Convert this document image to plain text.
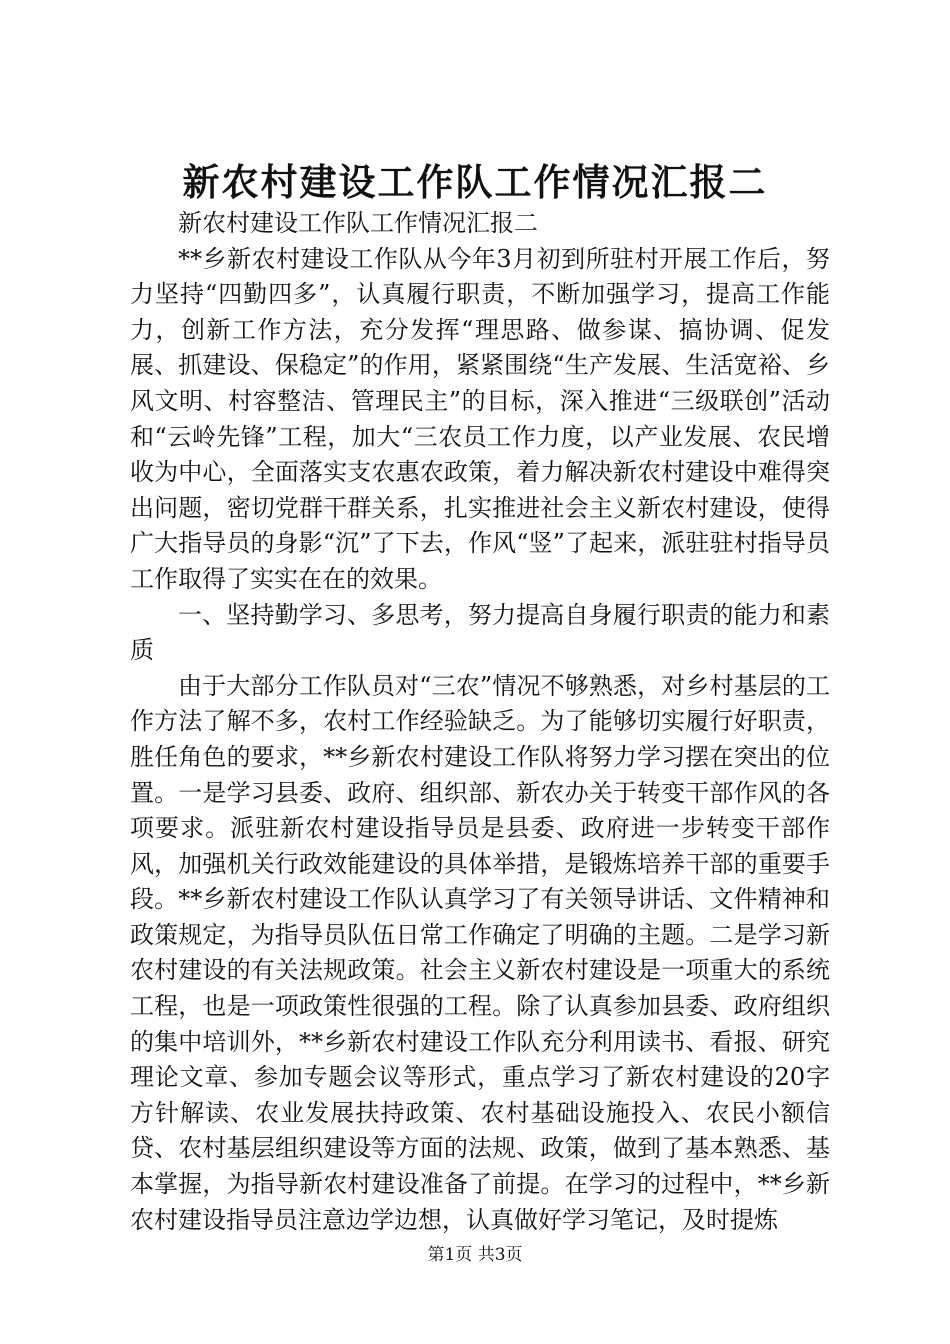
新农村建设工作队工作情况汇报二

新农村建设工作队工作情况汇报二

**乡新农村建设工作队从今年3月初到所驻村开展工作后，努力坚持“四勤四多”，认真履行职责，不断加强学习，提高工作能力，创新工作方法，充分发挥“理思路、做参谋、搞协调、促发展、抓建设、保稳定”的作用，紧紧围绕“生产发展、生活宽裕、乡风文明、村容整洁、管理民主”的目标，深入推进“三级联创”活动和“云岭先锋”工程，加大“三农员工作力度，以产业发展、农民增收为中心，全面落实支农惠农政策，着力解决新农村建设中难得突出问题，密切党群干群关系，扎实推进社会主义新农村建设，使得广大指导员的身影“沉”了下去，作风“竖”了起来，派驻驻村指导员工作取得了实实在在的效果。

一、坚持勤学习、多思考，努力提高自身履行职责的能力和素质

由于大部分工作队员对“三农”情况不够熟悉，对乡村基层的工作方法了解不多，农村工作经验缺乏。为了能够切实履行好职责，胜任角色的要求，**乡新农村建设工作队将努力学习摆在突出的位置。一是学习县委、政府、组织部、新农办关于转变干部作风的各项要求。派驻新农村建设指导员是县委、政府进一步转变干部作风，加强机关行政效能建设的具体举措，是锻炼培养干部的重要手段。**乡新农村建设工作队认真学习了有关领导讲话、文件精神和政策规定，为指导员队伍日常工作确定了明确的主题。二是学习新农村建设的有关法规政策。社会主义新农村建设是一项重大的系统工程，也是一项政策性很强的工程。除了认真参加县委、政府组织的集中培训外，**乡新农村建设工作队充分利用读书、看报、研究理论文章、参加专题会议等形式，重点学习了新农村建设的20字方针解读、农业发展扶持政策、农村基础设施投入、农民小额信贷、农村基层组织建设等方面的法规、政策，做到了基本熟悉、基本掌握，为指导新农村建设准备了前提。在学习的过程中，**乡新农村建设指导员注意边学边想，认真做好学习笔记，及时提炼

第1页 共3页
